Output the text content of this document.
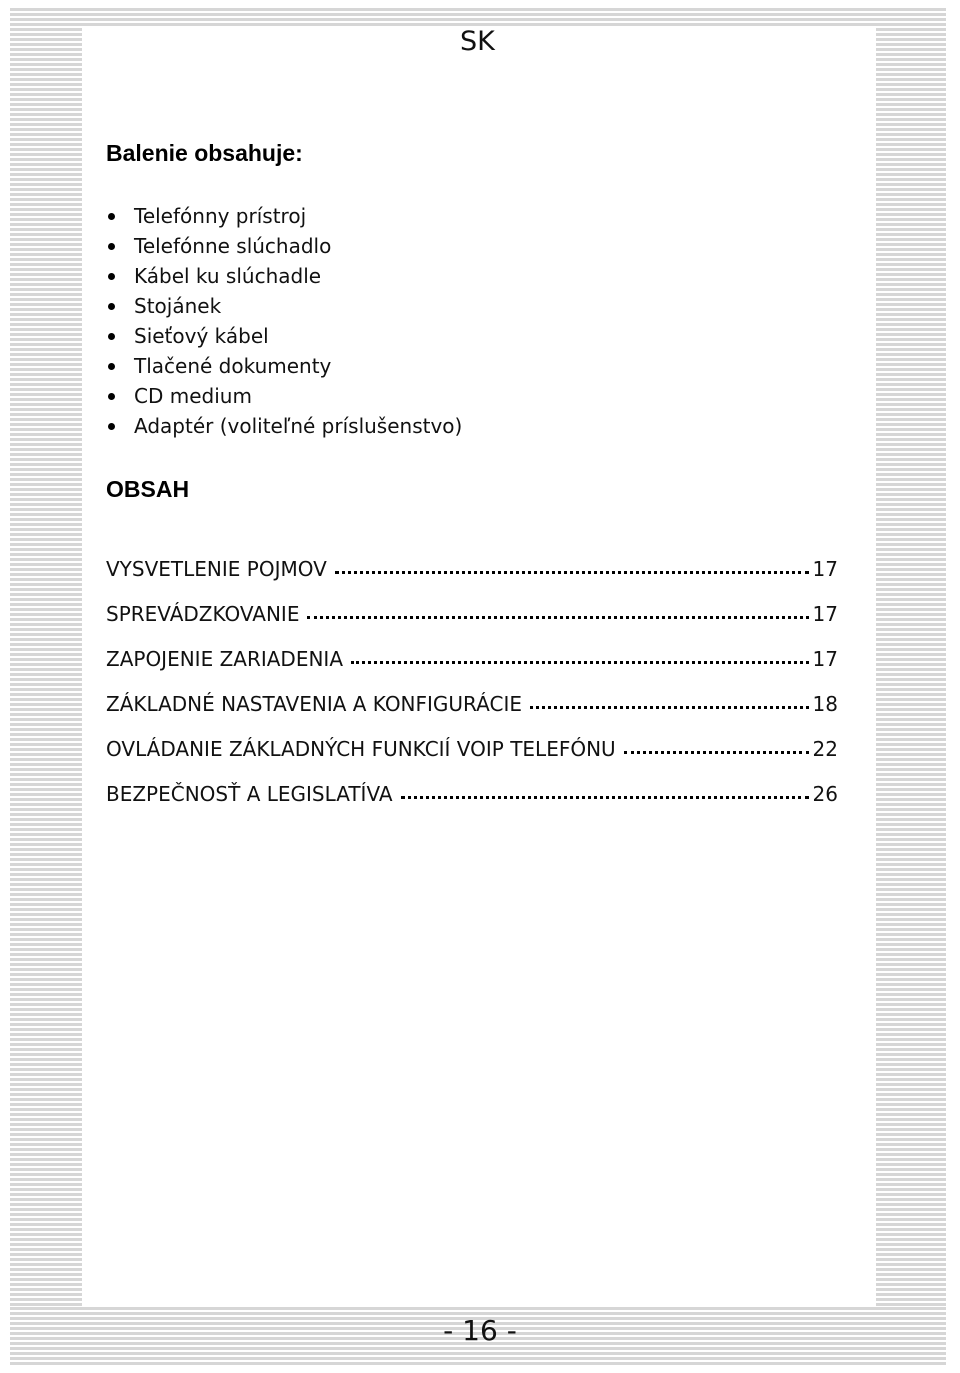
SK
Balenie obsahuje:
Telefónny prístroj
Telefónne slúchadlo
Kábel ku slúchadle
Stojánek
Sieťový kábel
Tlačené dokumenty
CD medium
Adaptér (voliteľné príslušenstvo)
OBSAH
VYSVETLENIE POJMOV	17
SPREVÁDZKOVANIE	17
ZAPOJENIE ZARIADENIA	17
ZÁKLADNÉ NASTAVENIA A KONFIGURÁCIE	18
OVLÁDANIE ZÁKLADNÝCH FUNKCIÍ VOIP TELEFÓNU	22
BEZPEČNOSŤ A LEGISLATÍVA	26
- 16 -
